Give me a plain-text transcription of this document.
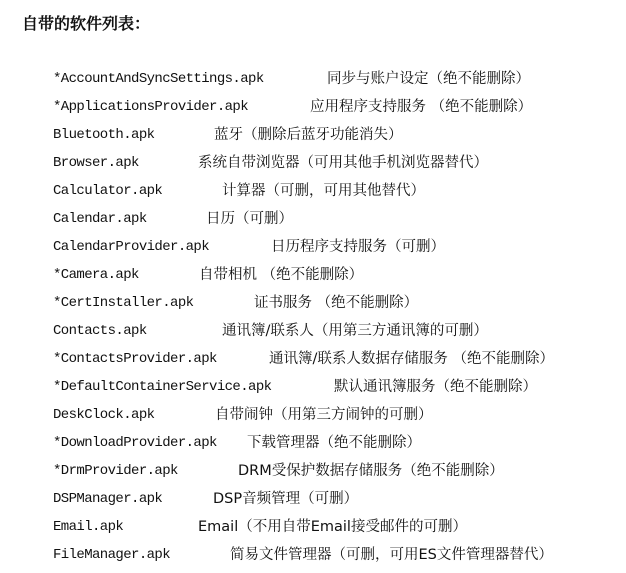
自带的软件列表：
*AccountAndSyncSettings.apk	同步与账户设定（绝不能删除）
*ApplicationsProvider.apk	应用程序支持服务 （绝不能删除）
Bluetooth.apk	蓝牙（删除后蓝牙功能消失）
Browser.apk	系统自带浏览器（可用其他手机浏览器替代）
Calculator.apk	计算器（可删，可用其他替代）
Calendar.apk	日历（可删）
CalendarProvider.apk	日历程序支持服务（可删）
*Camera.apk	自带相机 （绝不能删除）
*CertInstaller.apk	证书服务 （绝不能删除）
Contacts.apk	通讯簿/联系人（用第三方通讯簿的可删）
*ContactsProvider.apk	通讯簿/联系人数据存储服务 （绝不能删除）
*DefaultContainerService.apk	默认通讯簿服务（绝不能删除）
DeskClock.apk	自带闹钟（用第三方闹钟的可删）
*DownloadProvider.apk 下载管理器（绝不能删除）
*DrmProvider.apk	DRM受保护数据存储服务（绝不能删除）
DSPManager.apk	DSP音频管理（可删）
Email.apk	Email（不用自带Email接受邮件的可删）
FileManager.apk	简易文件管理器（可删，可用ES文件管理器替代）
